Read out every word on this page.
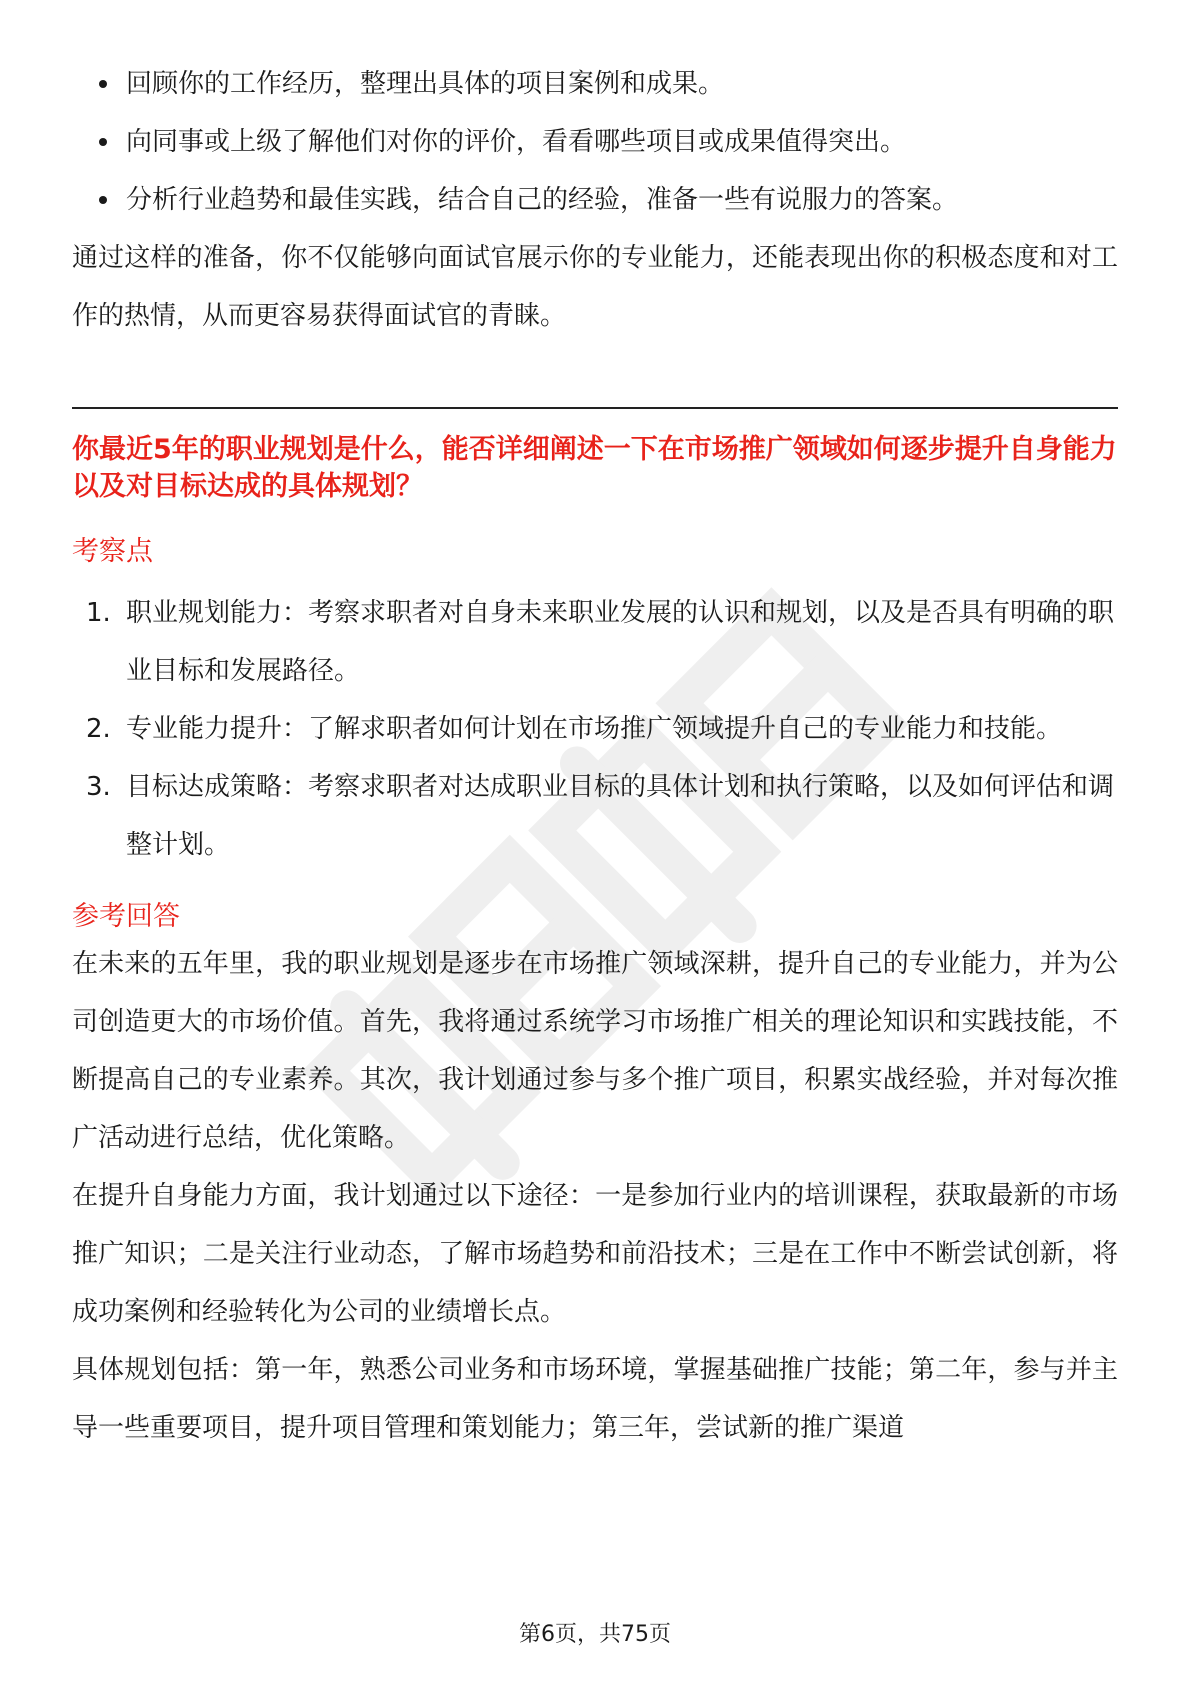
回顾你的工作经历，整理出具体的项目案例和成果。
向同事或上级了解他们对你的评价，看看哪些项目或成果值得突出。
分析行业趋势和最佳实践，结合自己的经验，准备一些有说服力的答案。

通过这样的准备，你不仅能够向面试官展示你的专业能力，还能表现出你的积极态度和对工作的热情，从而更容易获得面试官的青睐。

你最近5年的职业规划是什么，能否详细阐述一下在市场推广领域如何逐步提升自身能力以及对目标达成的具体规划？
考察点
1. 职业规划能力：考察求职者对自身未来职业发展的认识和规划，以及是否具有明确的职业目标和发展路径。
2. 专业能力提升：了解求职者如何计划在市场推广领域提升自己的专业能力和技能。
3. 目标达成策略：考察求职者对达成职业目标的具体计划和执行策略，以及如何评估和调整计划。
参考回答

在未来的五年里，我的职业规划是逐步在市场推广领域深耕，提升自己的专业能力，并为公司创造更大的市场价值。首先，我将通过系统学习市场推广相关的理论知识和实践技能，不断提高自己的专业素养。其次，我计划通过参与多个推广项目，积累实战经验，并对每次推广活动进行总结，优化策略。

在提升自身能力方面，我计划通过以下途径：一是参加行业内的培训课程，获取最新的市场推广知识；二是关注行业动态，了解市场趋势和前沿技术；三是在工作中不断尝试创新，将成功案例和经验转化为公司的业绩增长点。

具体规划包括：第一年，熟悉公司业务和市场环境，掌握基础推广技能；第二年，参与并主导一些重要项目，提升项目管理和策划能力；第三年，尝试新的推广渠道

第6页，共75页
